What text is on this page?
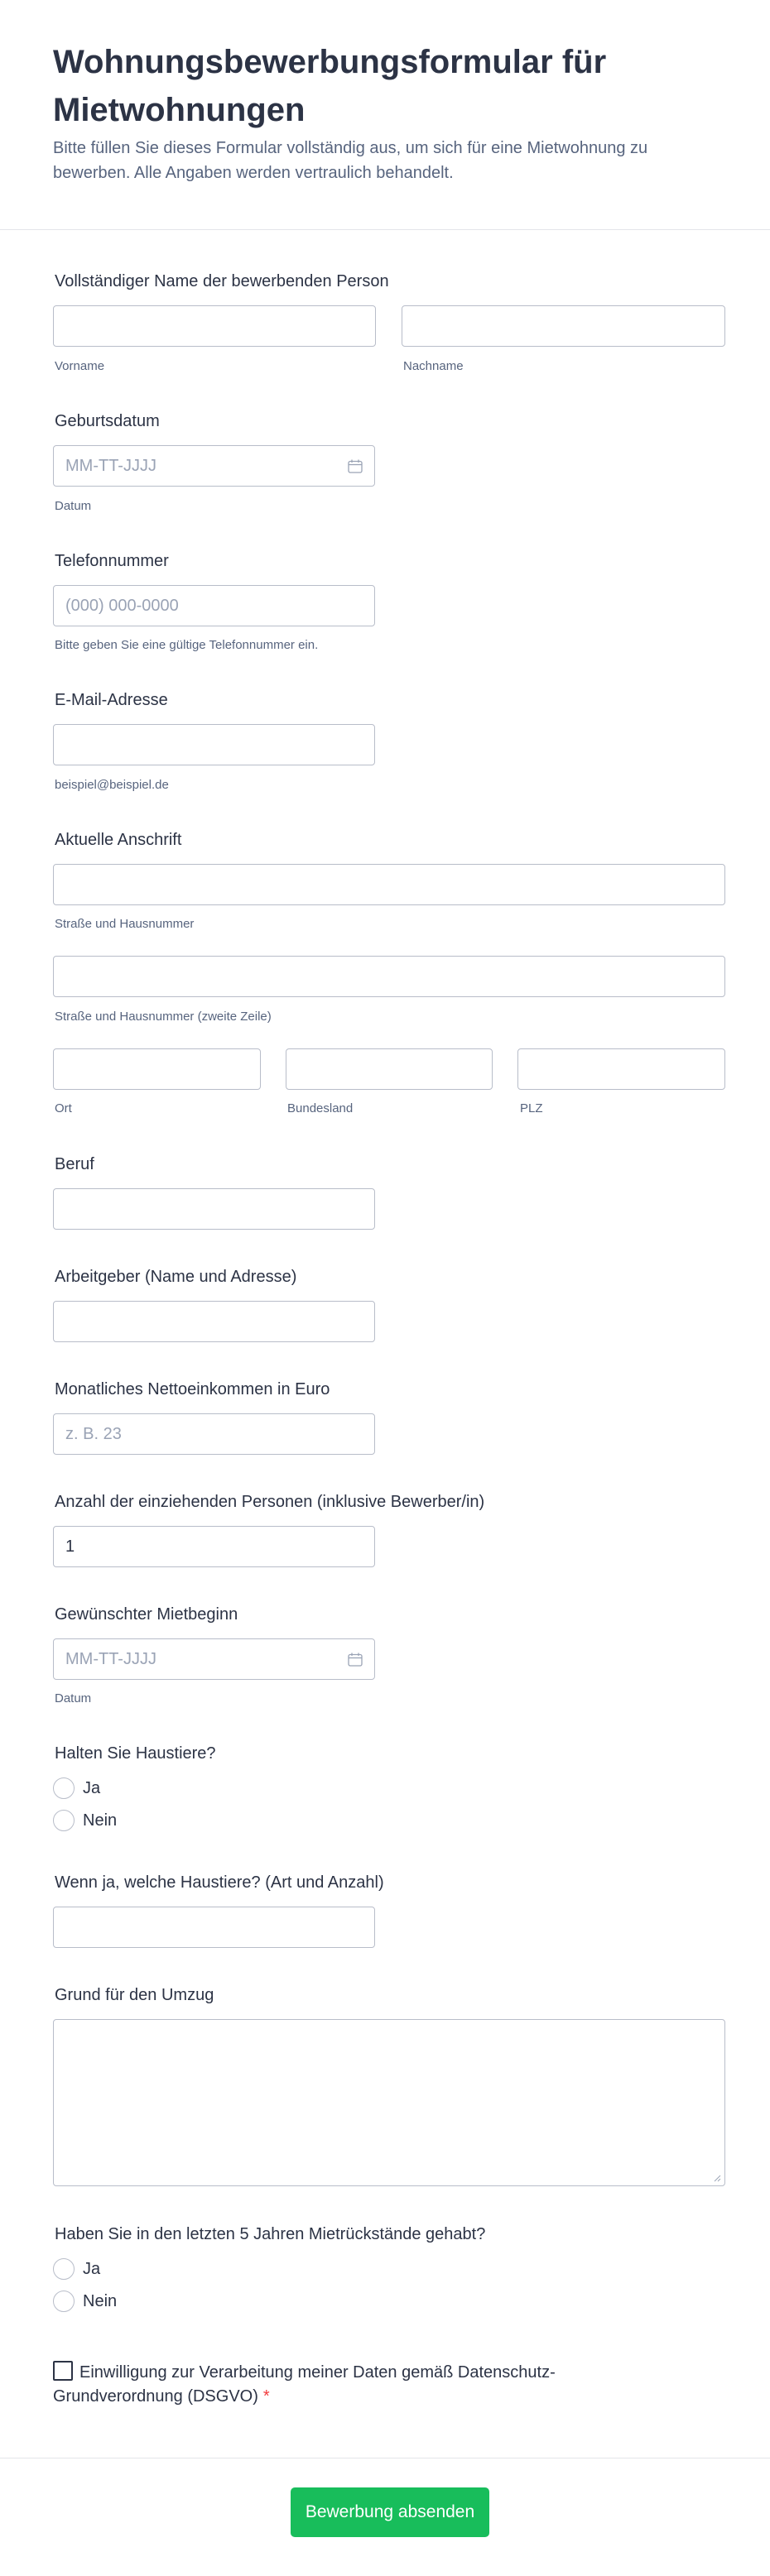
Wohnungsbewerbungsformular für Mietwohnungen

Bitte füllen Sie dieses Formular vollständig aus, um sich für eine Mietwohnung zu bewerben. Alle Angaben werden vertraulich behandelt.

Vollständiger Name der bewerbenden Person
Vorname	Nachname
Geburtsdatum
MM-TT-JJJJ
Datum
Telefonnummer
(000) 000-0000
Bitte geben Sie eine gültige Telefonnummer ein.
E-Mail-Adresse
beispiel@beispiel.de
Aktuelle Anschrift
Straße und Hausnummer
Straße und Hausnummer (zweite Zeile)
Ort	Bundesland	PLZ
Beruf
Arbeitgeber (Name und Adresse)
Monatliches Nettoeinkommen in Euro
z. B. 23
Anzahl der einziehenden Personen (inklusive Bewerber/in)
1
Gewünschter Mietbeginn
MM-TT-JJJJ
Datum
Halten Sie Haustiere?
Ja
Nein
Wenn ja, welche Haustiere? (Art und Anzahl)
Grund für den Umzug
Haben Sie in den letzten 5 Jahren Mietrückstände gehabt?
Ja
Nein
Einwilligung zur Verarbeitung meiner Daten gemäß Datenschutz-Grundverordnung (DSGVO) *
Bewerbung absenden
